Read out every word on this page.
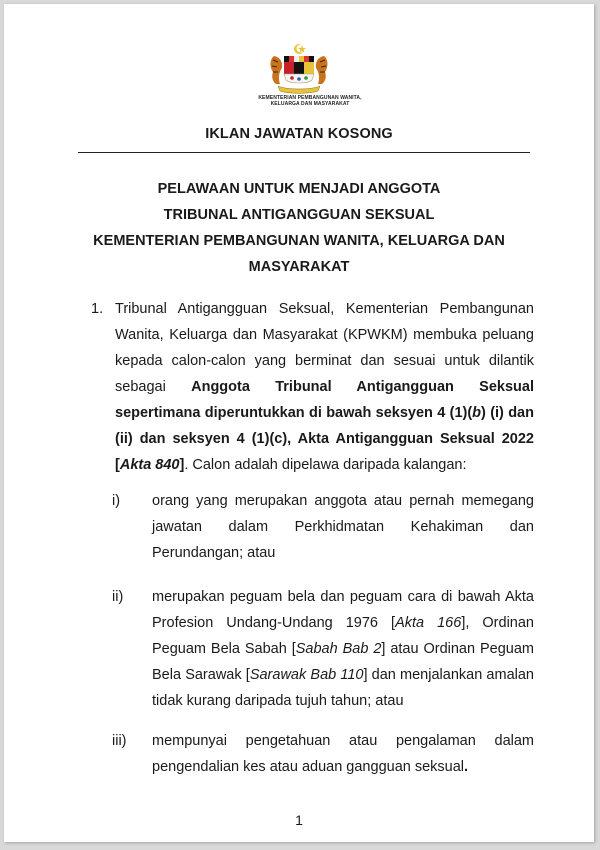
KEMENTERIAN PEMBANGUNAN WANITA,
KELUARGA DAN MASYARAKAT
IKLAN JAWATAN KOSONG
PELAWAAN UNTUK MENJADI ANGGOTA
TRIBUNAL ANTIGANGGUAN SEKSUAL
KEMENTERIAN PEMBANGUNAN WANITA, KELUARGA DAN
MASYARAKAT
1. Tribunal Antigangguan Seksual, Kementerian Pembangunan Wanita, Keluarga dan Masyarakat (KPWKM) membuka peluang kepada calon-calon yang berminat dan sesuai untuk dilantik sebagai Anggota Tribunal Antigangguan Seksual sepertimana diperuntukkan di bawah seksyen 4 (1)(b) (i) dan (ii) dan seksyen 4 (1)(c), Akta Antigangguan Seksual 2022 [Akta 840]. Calon adalah dipelawa daripada kalangan:
i) orang yang merupakan anggota atau pernah memegang jawatan dalam Perkhidmatan Kehakiman dan Perundangan; atau
ii) merupakan peguam bela dan peguam cara di bawah Akta Profesion Undang-Undang 1976 [Akta 166], Ordinan Peguam Bela Sabah [Sabah Bab 2] atau Ordinan Peguam Bela Sarawak [Sarawak Bab 110] dan menjalankan amalan tidak kurang daripada tujuh tahun; atau
iii) mempunyai pengetahuan atau pengalaman dalam pengendalian kes atau aduan gangguan seksual.
1
